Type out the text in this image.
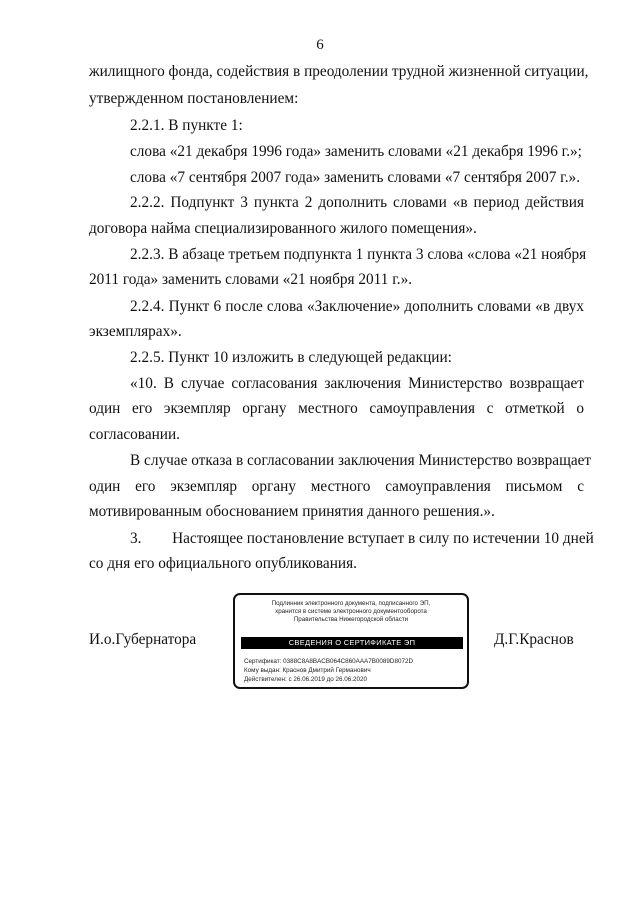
6
жилищного фонда, содействия в преодолении трудной жизненной ситуации,
утвержденном постановлением:
2.2.1. В пункте 1:
слова «21 декабря 1996 года» заменить словами «21 декабря 1996 г.»;
слова «7 сентября 2007 года» заменить словами «7 сентября 2007 г.».
2.2.2. Подпункт 3 пункта 2 дополнить словами «в период действия
договора найма специализированного жилого помещения».
2.2.3. В абзаце третьем подпункта 1 пункта 3 слова «слова «21 ноября
2011 года» заменить словами «21 ноября 2011 г.».
2.2.4. Пункт 6 после слова «Заключение» дополнить словами «в двух
экземплярах».
2.2.5. Пункт 10 изложить в следующей редакции:
«10. В случае согласования заключения Министерство возвращает
один его экземпляр органу местного самоуправления с отметкой о
согласовании.
В случае отказа в согласовании заключения Министерство возвращает
один его экземпляр органу местного самоуправления письмом с
мотивированным обоснованием принятия данного решения.».
3.        Настоящее постановление вступает в силу по истечении 10 дней
со дня его официального опубликования.
И.о.Губернатора
Подлинник электронного документа, подписанного ЭП,
хранится в системе электронного документооборота
Правительства Нижегородской области
СВЕДЕНИЯ О СЕРТИФИКАТЕ ЭП
Сертификат: 0388C8A8BACB064C860AAA7B0089D8072D
Кому выдан: Краснов Дмитрий Германович
Действителен: с 26.06.2019 до 26.06.2020
Д.Г.Краснов
